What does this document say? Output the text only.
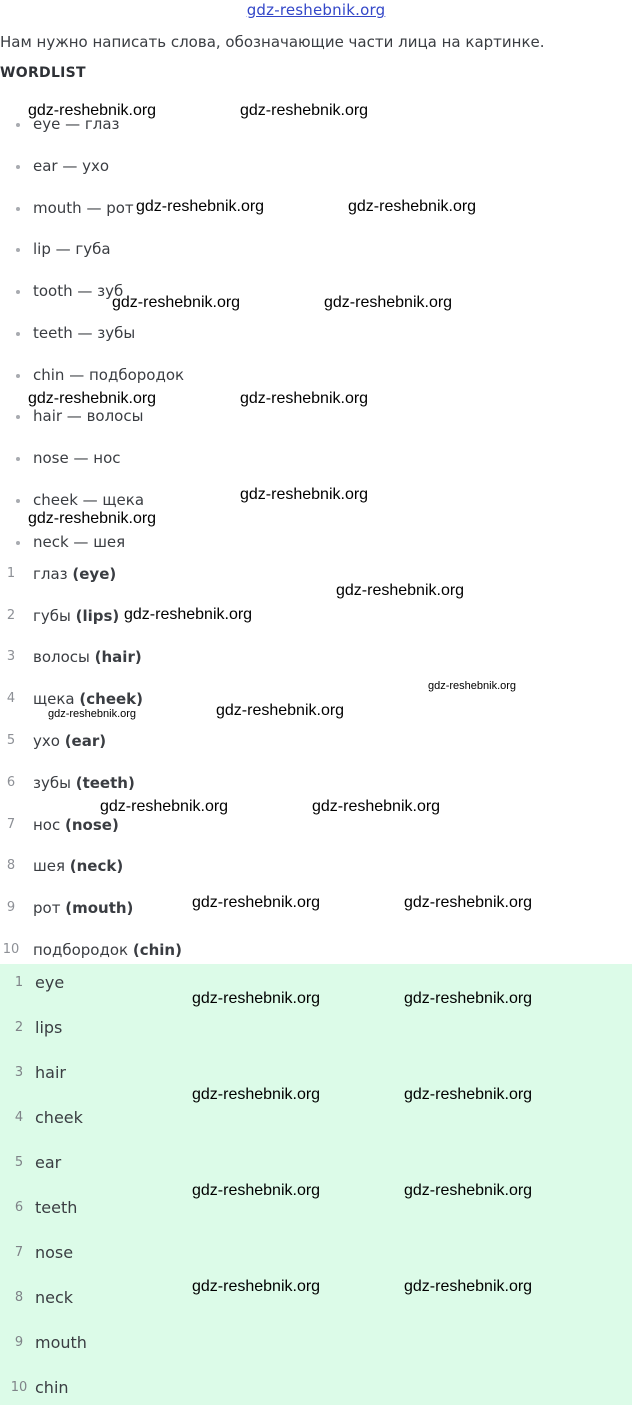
gdz-reshebnik.org
Нам нужно написать слова, обозначающие части лица на картинке.
WORDLIST
eye — глаз
ear — ухо
mouth — рот
lip — губа
tooth — зуб
teeth — зубы
chin — подбородок
hair — волосы
nose — нос
cheek — щека
neck — шея
1	глаз (eye)
2	губы (lips)
3	волосы (hair)
4	щека (cheek)
5	ухо (ear)
6	зубы (teeth)
7	нос (nose)
8	шея (neck)
9	рот (mouth)
10 подбородок (chin)
1 eye
2 lips
3 hair
4 cheek
5 ear
6 teeth
7 nose
8 neck
9 mouth
10 chin
gdz-reshebnik.org	gdz-reshebnik.org
gdz-reshebnik.org	gdz-reshebnik.org
gdz-reshebnik.org	gdz-reshebnik.org
gdz-reshebnik.org	gdz-reshebnik.org
gdz-reshebnik.org
gdz-reshebnik.org
gdz-reshebnik.org
gdz-reshebnik.org
gdz-reshebnik.org
gdz-reshebnik.org	gdz-reshebnik.org
gdz-reshebnik.org	gdz-reshebnik.org
gdz-reshebnik.org	gdz-reshebnik.org
gdz-reshebnik.org	gdz-reshebnik.org
gdz-reshebnik.org	gdz-reshebnik.org
gdz-reshebnik.org	gdz-reshebnik.org
gdz-reshebnik.org	gdz-reshebnik.org
